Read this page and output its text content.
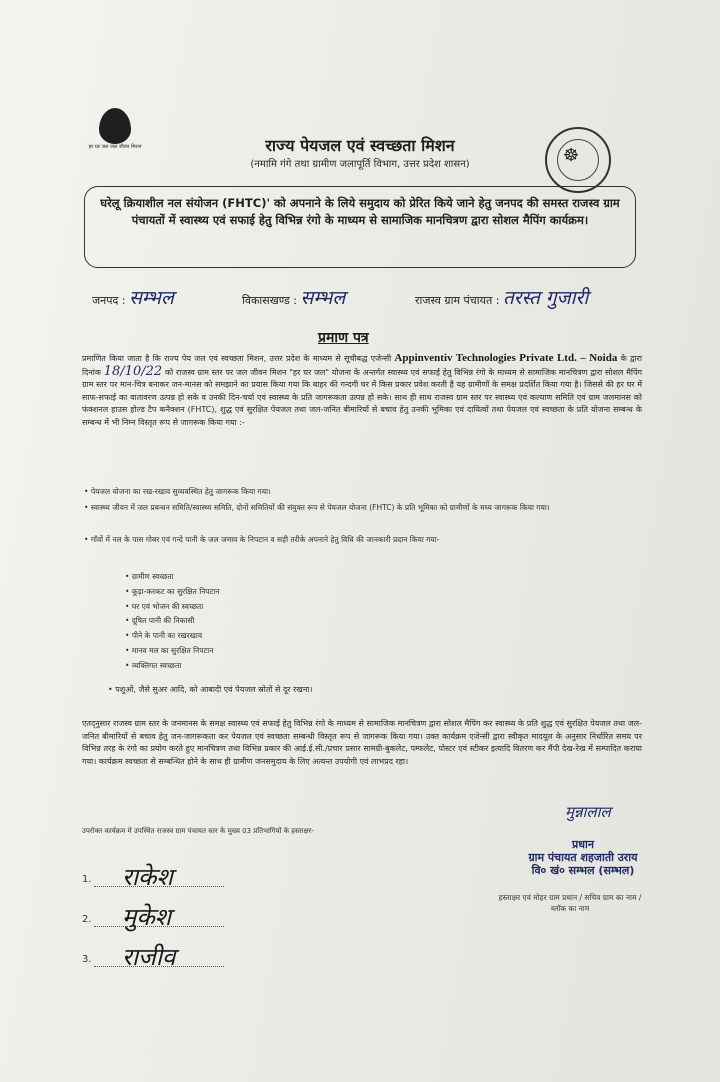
हर घर जल जल जीवन मिशन	राज्य पेयजल एवं स्वच्छता मिशन
(नमामि गंगे तथा ग्रामीण जलापूर्ति विभाग, उत्तर प्रदेश शासन)	☸

घरेलू क्रियाशील नल संयोजन (FHTC)' को अपनाने के लिये समुदाय को प्रेरित किये जाने हेतु जनपद की समस्त राजस्व ग्राम पंचायतों में स्वास्थ्य एवं सफाई हेतु विभिन्न रंगो के माध्यम से सामाजिक मानचित्रण द्वारा सोशल मैपिंग कार्यक्रम।

जनपद : सम्भल	विकासखण्ड : सम्भल	राजस्व ग्राम पंचायत : तरस्त गुजारी
प्रमाण पत्र
प्रमाणित किया जाता है कि राज्य पेय जल एवं स्वच्छता मिशन, उत्तर प्रदेश के माध्यम से सूचीबद्ध एजेन्सी Appinventiv Technologies Private Ltd. – Noida के द्वारा दिनांक 18/10/22 को राजस्व ग्राम स्तर पर जल जीवन मिशन "हर घर जल" योजना के अन्तर्गत स्वास्थ्य एवं सफाई हेतु विभिन्न रंगो के माध्यम से सामाजिक मानचित्रण द्वारा सोशल मैपिंग ग्राम स्तर पर मान-चित्र बनाकर जन-मानस को समझाने का प्रयास किया गया कि बाहर की गन्दगी घर में किस प्रकार प्रवेश करती है यह ग्रामीणों के समक्ष प्रदर्शित किया गया है। जिससे की हर घर में साफ-सफाई का वातावरण उत्पन्न हो सके व उनकी दिन-चर्या एवं स्वास्थ्य के प्रति जागरूकता उत्पन्न हो सके। साथ ही साथ राजस्व ग्राम स्तर पर स्वास्थ्य एवं कल्याण समिति एवं ग्राम जलमानस को फंक्शनल हाउस होल्ड टैप कनैक्शन (FHTC), शुद्ध एवं सुरक्षित पेयजल तथा जल-जनित बीमारियों से बचाव हेतु उनकी भूमिका एवं दायित्वों तथा पेयजल एवं स्वच्छता के प्रति योजना सम्बन्ध के सम्बन्ध में भी निम्न विस्तृत रूप से जागरूक किया गया :-
• पेयजल योजना का रख-रखाव सुव्यवस्थित हेतु जागरूक किया गया।
• स्वास्थ्य जीवन में जल प्रबन्धन समिति/स्वास्थ्य समिति, दोनों समितियों की संयुक्त रूप से पेयजल योजना (FHTC) के प्रति भूमिका को ग्रामीणों के मध्य जागरूक किया गया।
• गाँवों में नल के पास गोबर एवं गन्दे पानी के जल जमाव के निपटान व सही तरीके अपनाने हेतु विधि की जानकारी प्रदान किया गया-
• ग्रामीण स्वच्छता
• कूड़ा-करकट का सुरक्षित निपटान
• घर एवं भोजन की स्वच्छता
• दूषित पानी की निकासी
• पीने के पानी का रखरखाव
• मानव मल का सुरक्षित निपटान
• व्यक्तिगत स्वच्छता
• पशुओं, जैसे सुअर आदि, को आबादी एवं पेयजल स्रोतों से दूर रखना।
एतद्नुसार राजस्व ग्राम स्तर के जनमानस के समक्ष स्वास्थ्य एवं सफाई हेतु विभिन्न रंगो के माध्यम से सामाजिक मानचित्रण द्वारा सोशल मैपिंग कर स्वास्थ्य के प्रति शुद्ध एवं सुरक्षित पेयजल तथा जल-जनित बीमारियों से बचाव हेतु जन-जागरूकता कर पेयजल एवं स्वच्छता सम्बन्धी विस्तृत रूप से जागरूक किया गया। उक्त कार्यक्रम एजेन्सी द्वारा स्वीकृत मादयूल के अनुसार निर्धारित समय पर विभिन्न तरह के रंगो का प्रयोग करते हुए मानचित्रण तथा विभिन्न प्रकार की आई.ई.सी./प्रचार प्रसार सामग्री-बुकलेट, पम्फलेट, पोस्टर एवं स्टीकर इत्यादि वितरण कर मैंपी देख-रेख में सम्पादित कराया गया। कार्यक्रम स्वच्छता से सम्बन्धित होने के साथ ही ग्रामीण जनसमुदाय के लिए अत्यन्त उपयोगी एवं लाभप्रद रहा।
उपरोक्त कार्यक्रम में उपस्थित राजस्व ग्राम पंचायत स्तर के मुख्य 03 प्रतिभागियों के हस्ताक्षर-
मुन्नालाल
प्रधान
ग्राम पंचायत शहजाती उराय
वि० खं० सम्भल (सम्भल)
हस्ताक्षर एवं मोहर ग्राम प्रधान / सचिव ग्राम का नाम / ब्लॉक का नाम
1. राकेश
2. मुकेश
3. राजीव
